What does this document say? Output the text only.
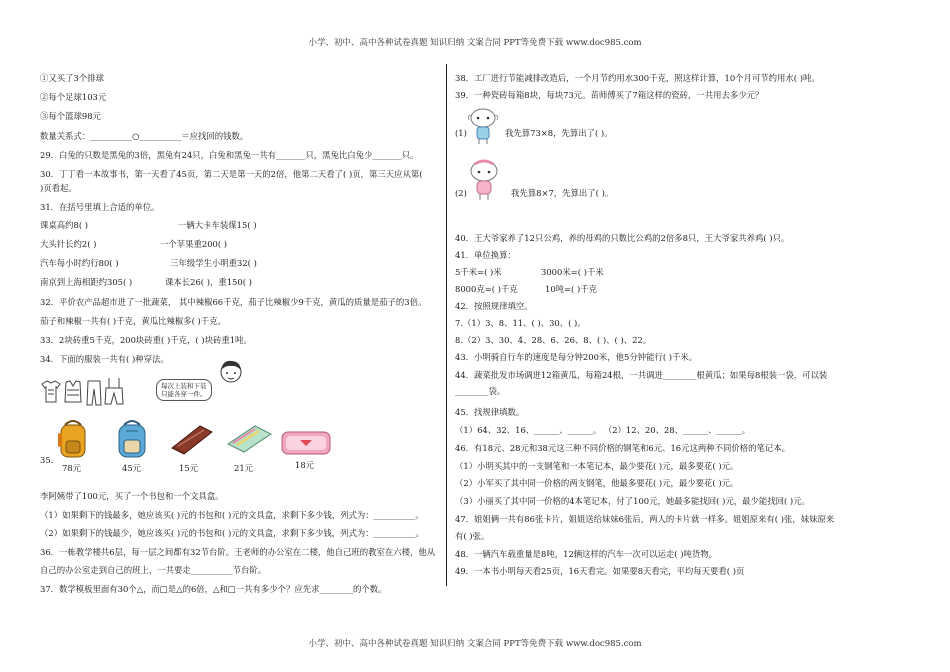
小学、初中、高中各种试卷真题 知识归纳 文案合同 PPT等免费下载 www.doc985.com
①又买了3个排球
②每个足球103元
③每个篮球98元
数量关系式：__________○__________＝应找回的钱数。
29．白兔的只数是黑兔的3倍，黑兔有24只，白兔和黑兔一共有_______只，黑兔比白兔少_______只。
30．丁丁看一本故事书，第一天看了45页，第二天是第一天的2倍，他第二天看了( )页，第三天应从第(
)页看起。
31．在括号里填上合适的单位。
课桌高约8( )	一辆大卡车装煤15( )
大头针长约2( )	一个苹果重200( )
汽车每小时约行80( )	三年级学生小明重32( )
南京到上海相距约305( )	课本长26( )，重150( )
32．平价农产品超市进了一批蔬菜， 其中辣椒66千克，茄子比辣椒少9千克，黄瓜的质量是茄子的3倍。
茄子和辣椒一共有( )千克，黄瓜比辣椒多( )千克。
33．2块砖重5千克，200块砖重( )千克，( )块砖重1吨。
34．下面的服装一共有( )种穿法。
每次上装和下装
只能各穿一件。
35.
78元	45元	15元	21元	18元
李阿姨带了100元，买了一个书包和一个文具盒。
（1）如果剩下的钱最多，她应该买( )元的书包和( )元的文具盒，求剩下多少钱，列式为：__________。
（2）如果剩下的钱最少，她应该买( )元的书包和( )元的文具盒，求剩下多少钱，列式为：__________。
36．一栋教学楼共6层，每一层之间都有32节台阶。王老师的办公室在二楼，他自己班的教室在六楼，他从
自己的办公室走到自己的班上，一共要走__________节台阶。
37．数学模板里面有30个△，而□是△的6倍，△和□一共有多少个？应先求________的个数。
38．工厂进行节能减排改造后，一个月节约用水300千克，照这样计算，10个月可节约用水( )吨。
39．一种瓷砖每箱8块，每块73元。苗师傅买了7箱这样的瓷砖，一共用去多少元？
(1)	我先算73×8，先算出了( )。
(2)	我先算8×7，先算出了( )。
40．王大爷家养了12只公鸡，养的母鸡的只数比公鸡的2倍多8只，王大爷家共养鸡( )只。
41．单位换算：
5千米=( )米	3000米=( )千米
8000克=( )千克	10吨=( )千克
42．按照规律填空。
7.（1）3、8、11、( )、30、( )。
8.（2）3、30、4、28、6、26、8、( )、( )、22。
43．小明骑自行车的速度是每分钟200米，他5分钟能行( )千米。
44．蔬菜批发市场调进12箱黄瓜，每箱24根，一共调进________根黄瓜；如果每8根装一袋，可以装
________袋。
45．找规律填数。
（1）64、32、16、______、______。 （2）12、20、28、______、______。
46．有18元、28元和38元这三种不同价格的钢笔和6元、16元这两种不同价格的笔记本。
（1）小明买其中的一支钢笔和一本笔记本，最少要花( )元，最多要花( )元。
（2）小军买了其中同一价格的两支钢笔，他最多要花( )元，最少要花( )元。
（3）小丽买了其中同一价格的4本笔记本，付了100元，她最多能找回( )元，最少能找回( )元。
47．姐姐俩一共有86张卡片，姐姐送给妹妹6张后，两人的卡片就一样多。姐姐原来有( )张，妹妹原来
有( )张。
48．一辆汽车载重量是8吨，12辆这样的汽车一次可以运走( )吨货物。
49．一本书小明每天看25页，16天看完。如果要8天看完，平均每天要看( )页
小学、初中、高中各种试卷真题 知识归纳 文案合同 PPT等免费下载 www.doc985.com
